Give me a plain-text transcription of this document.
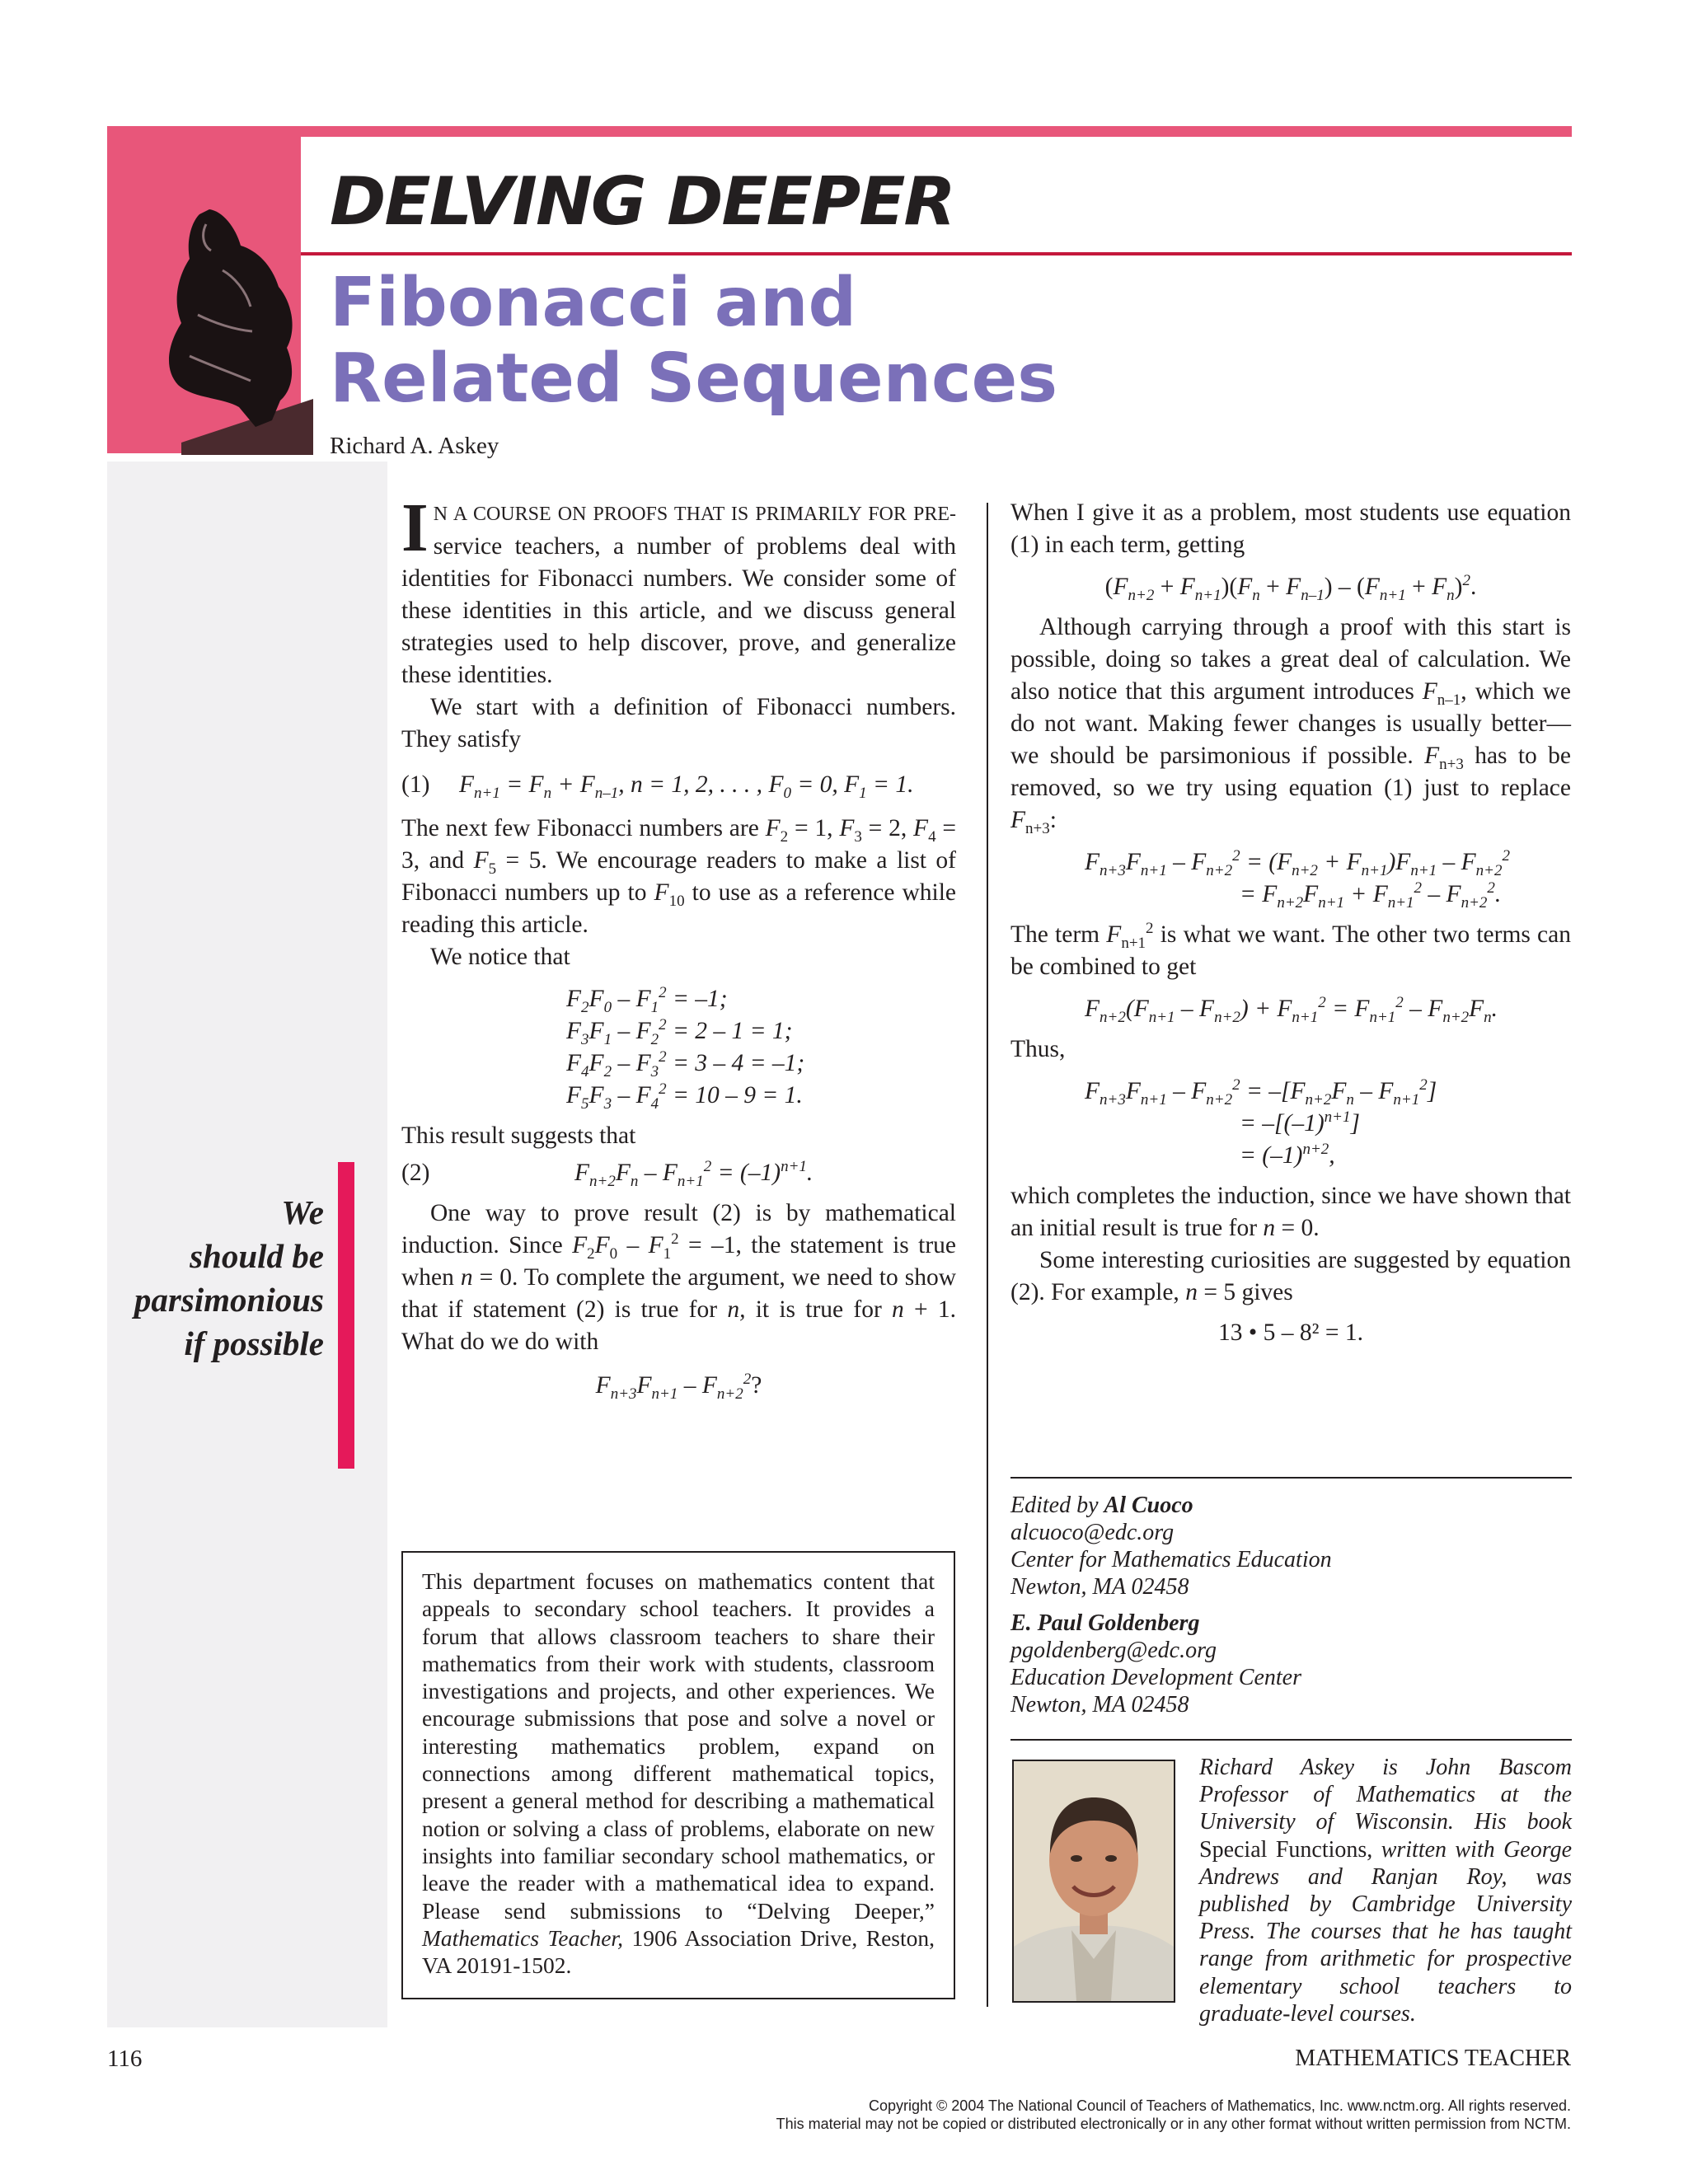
DELVING DEEPER
Fibonacci and
Related Sequences
Richard A. Askey
We
should be
parsimonious
if possible

I N A COURSE ON PROOFS THAT IS PRIMARILY FOR PRE- service teachers, a number of problems deal with identities for Fibonacci numbers. We consider some of these identities in this article, and we discuss general strategies used to help discover, prove, and generalize these identities.

We start with a definition of Fibonacci numbers. They satisfy

(1)	$F_{n+1} = F_n + F_{n-1}$, n = 1, 2, . . . , $F_0 = 0$, $F_1 = 1$.

The next few Fibonacci numbers are $F_2 = 1$, $F_3 = 2$, $F_4 = 3$, and $F_5 = 5$. We encourage readers to make a list of Fibonacci numbers up to $F_{10}$ to use as a reference while reading this article.

We notice that

$F_2F_0 - F_1^2 = -1$;
$F_3F_1 - F_2^2 = 2 - 1 = 1$;
$F_4F_2 - F_3^2 = 3 - 4 = -1$;
$F_5F_3 - F_4^2 = 10 - 9 = 1$.

This result suggests that

(2)	$F_{n+2}F_n - F_{n+1}^2 = (-1)^{n+1}$.

One way to prove result (2) is by mathematical induction. Since $F_2F_0 - F_1^2 = -1$, the statement is true when n = 0. To complete the argument, we need to show that if statement (2) is true for n, it is true for n + 1. What do we do with

$F_{n+3}F_{n+1} - F_{n+2}^2$?

When I give it as a problem, most students use equation (1) in each term, getting

$(F_{n+2} + F_{n+1})(F_n + F_{n-1}) - (F_{n+1} + F_n)^2$.

Although carrying through a proof with this start is possible, doing so takes a great deal of calculation. We also notice that this argument introduces $F_{n-1}$, which we do not want. Making fewer changes is usually better—we should be parsimonious if possible. $F_{n+3}$ has to be removed, so we try using equation (1) just to replace $F_{n+3}$:

$F_{n+3}F_{n+1} - F_{n+2}^2 = (F_{n+2} + F_{n+1})F_{n+1} - F_{n+2}^2$
= $F_{n+2}F_{n+1} + F_{n+1}^2 - F_{n+2}^2$.

The term $F_{n+1}^2$ is what we want. The other two terms can be combined to get

$F_{n+2}(F_{n+1} - F_{n+2}) + F_{n+1}^2 = F_{n+1}^2 - F_{n+2}F_n$.

Thus,

$F_{n+3}F_{n+1} - F_{n+2}^2 = -[F_{n+2}F_n - F_{n+1}^2]$
= $-[(-1)^{n+1}]$
= $(-1)^{n+2}$,

which completes the induction, since we have shown that an initial result is true for n = 0.

Some interesting curiosities are suggested by equation (2). For example, n = 5 gives

13 • 5 – 8² = 1.
This department focuses on mathematics content that appeals to secondary school teachers. It provides a forum that allows classroom teachers to share their mathematics from their work with students, classroom investigations and projects, and other experiences. We encourage submissions that pose and solve a novel or interesting mathematics problem, expand on connections among different mathematical topics, present a general method for describing a mathematical notion or solving a class of problems, elaborate on new insights into familiar secondary school mathematics, or leave the reader with a mathematical idea to expand. Please send submissions to “Delving Deeper,” Mathematics Teacher, 1906 Association Drive, Reston, VA 20191-1502.
Edited by Al Cuoco
alcuoco@edc.org
Center for Mathematics Education
Newton, MA 02458
E. Paul Goldenberg
pgoldenberg@edc.org
Education Development Center
Newton, MA 02458
Richard Askey is John Bascom Professor of Mathematics at the University of Wisconsin. His book Special Functions, written with George Andrews and Ranjan Roy, was published by Cambridge University Press. The courses that he has taught range from arithmetic for prospective elementary school teachers to graduate-level courses.
116	MATHEMATICS TEACHER
Copyright © 2004 The National Council of Teachers of Mathematics, Inc. www.nctm.org. All rights reserved.
This material may not be copied or distributed electronically or in any other format without written permission from NCTM.
